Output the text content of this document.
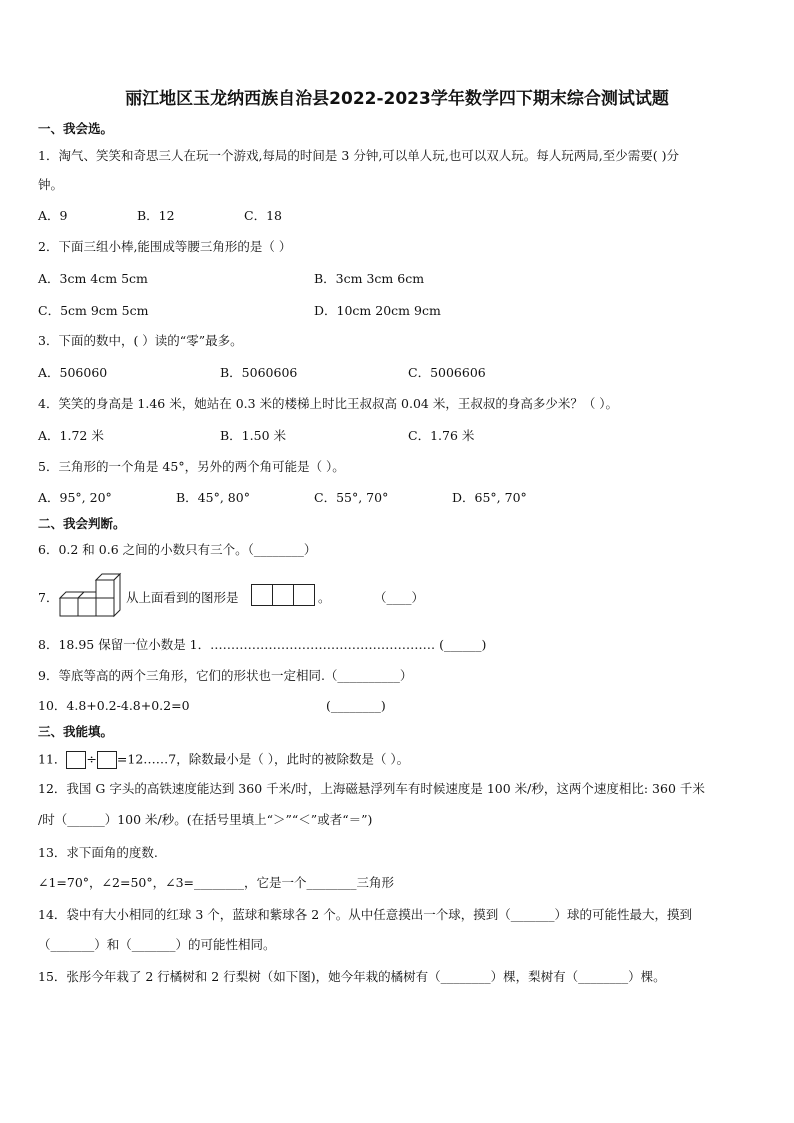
丽江地区玉龙纳西族自治县2022-2023学年数学四下期末综合测试试题
一、我会选。
1．淘气、笑笑和奇思三人在玩一个游戏,每局的时间是 3 分钟,可以单人玩,也可以双人玩。每人玩两局,至少需要( )分
钟。
A．9	B．12	C．18
2．下面三组小棒,能围成等腰三角形的是（ ）
A．3cm 4cm 5cm	B．3cm 3cm 6cm
C．5cm 9cm 5cm	D．10cm 20cm 9cm
3．下面的数中，( ）读的“零”最多。
A．506060	B．5060606	C．5006606
4．笑笑的身高是 1.46 米，她站在 0.3 米的楼梯上时比王叔叔高 0.04 米，王叔叔的身高多少米？（ ）。
A．1.72 米	B．1.50 米	C．1.76 米
5．三角形的一个角是 45°，另外的两个角可能是（ ）。
A．95°, 20°	B．45°, 80°	C．55°, 70°	D．65°, 70°
二、我会判断。
6．0.2 和 0.6 之间的小数只有三个。（________）
7．	从上面看到的图形是	。	（____）
8．18.95 保留一位小数是 1．……………………………………………… (______)
9．等底等高的两个三角形，它们的形状也一定相同.（__________）
10．4.8+0.2-4.8+0.2=0	(________)
三、我能填。
11． ÷ =12……7，除数最小是（ ），此时的被除数是（ ）。
12．我国 G 字头的高铁速度能达到 360 千米/时，上海磁悬浮列车有时候速度是 100 米/秒，这两个速度相比: 360 千米
/时（______）100 米/秒。(在括号里填上“＞”“＜”或者“＝”)
13．求下面角的度数.
∠1=70°，∠2=50°，∠3=________，它是一个________三角形
14．袋中有大小相同的红球 3 个，蓝球和紫球各 2 个。从中任意摸出一个球，摸到（_______）球的可能性最大，摸到
（_______）和（_______）的可能性相同。
15．张彤今年栽了 2 行橘树和 2 行梨树（如下图)，她今年栽的橘树有（________）棵，梨树有（________）棵。
